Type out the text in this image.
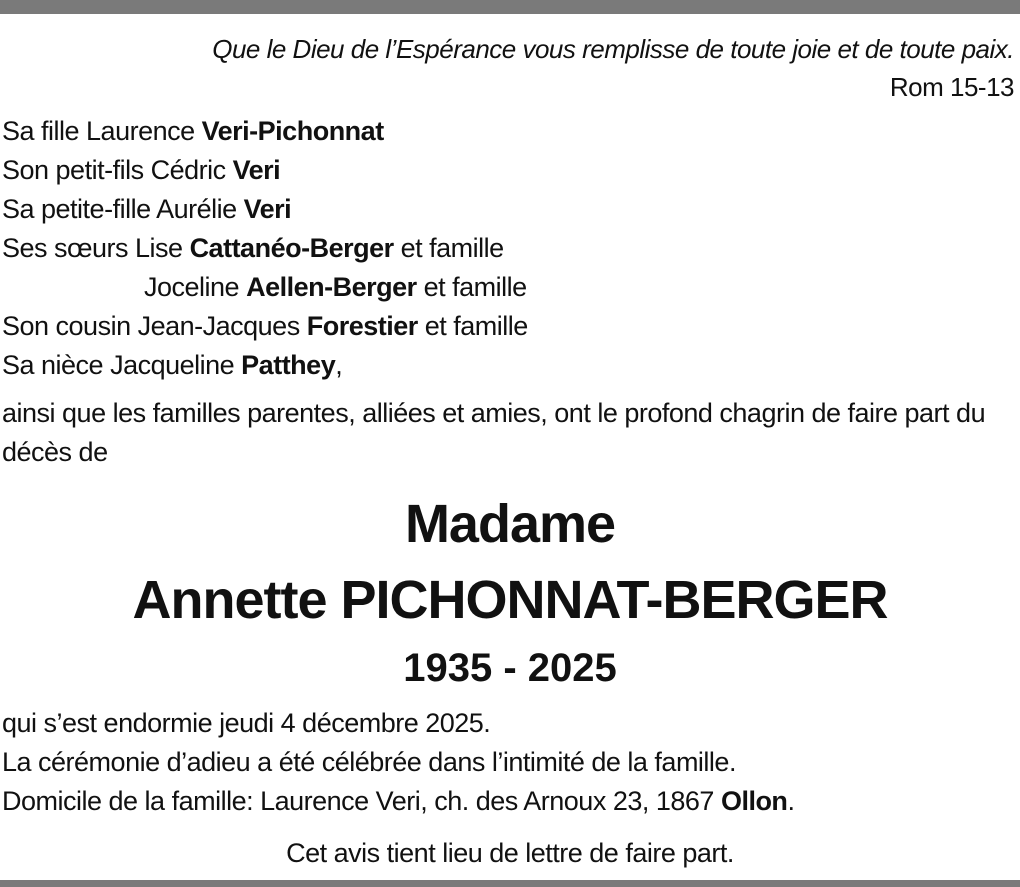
Que le Dieu de l’Espérance vous remplisse de toute joie et de toute paix.
Rom 15-13
Sa fille Laurence Veri-Pichonnat
Son petit-fils Cédric Veri
Sa petite-fille Aurélie Veri
Ses sœurs Lise Cattanéo-Berger et famille
Joceline Aellen-Berger et famille
Son cousin Jean-Jacques Forestier et famille
Sa nièce Jacqueline Patthey,
ainsi que les familles parentes, alliées et amies, ont le profond chagrin de faire part du décès de
Madame
Annette PICHONNAT-BERGER
1935 - 2025
qui s’est endormie jeudi 4 décembre 2025.
La cérémonie d’adieu a été célébrée dans l’intimité de la famille.
Domicile de la famille: Laurence Veri, ch. des Arnoux 23, 1867 Ollon.
Cet avis tient lieu de lettre de faire part.
